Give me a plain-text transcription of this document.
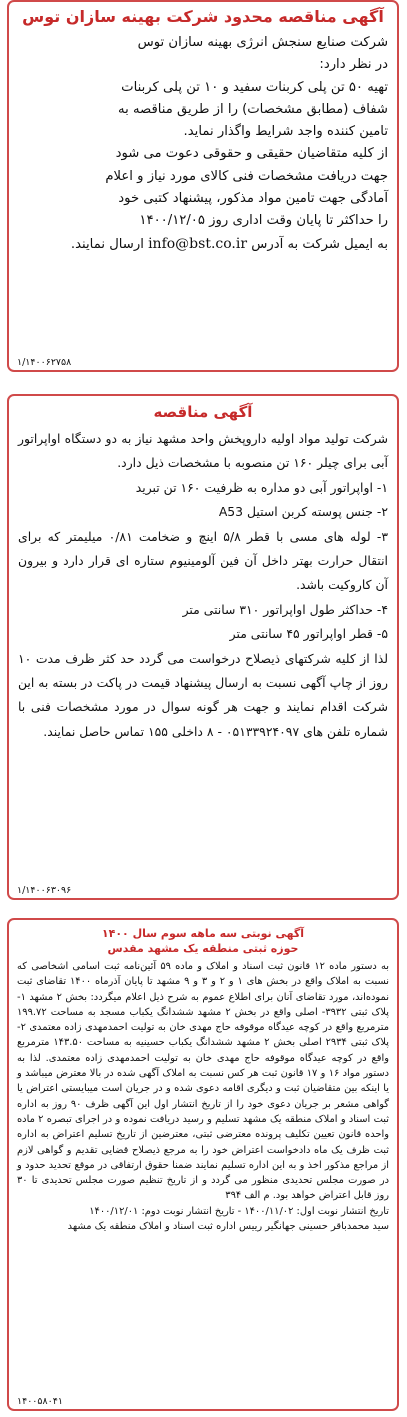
آگهی مناقصه محدود شرکت بهینه سازان توس

شرکت صنایع سنجش انرژی بهینه سازان توس

در نظر دارد:

تهیه ۵۰ تن پلی کربنات سفید و ۱۰ تن پلی کربنات

شفاف (مطابق مشخصات) را از طریق مناقصه به

تامین کننده واجد شرایط واگذار نماید.

از کلیه متقاضیان حقیقی و حقوقی دعوت می شود

جهت دریافت مشخصات فنی کالای مورد نیاز و اعلام

آمادگی جهت تامین مواد مذکور، پیشنهاد کتبی خود

را حداکثر تا پایان وقت اداری روز ۱۴۰۰/۱۲/۰۵

به ایمیل شرکت به آدرس info@bst.co.ir ارسال نمایند.

۱/۱۴۰۰۶۲۷۵۸
آگهی مناقصه

شرکت تولید مواد اولیه داروپخش واحد مشهد نیاز به دو دستگاه اواپراتور آبی برای چیلر ۱۶۰ تن منصوبه با مشخصات ذیل دارد.

۱- اواپراتور آبی دو مداره به ظرفیت ۱۶۰ تن تبرید

۲- جنس پوسته کربن استیل A53

۳- لوله های مسی با قطر ۵/۸ اینچ و ضخامت ۰/۸۱ میلیمتر که برای انتقال حرارت بهتر داخل آن فین آلومینیوم ستاره ای قرار دارد و بیرون آن کاروکیت باشد.

۴- حداکثر طول اواپراتور ۳۱۰ سانتی متر

۵- قطر اواپراتور ۴۵ سانتی متر

لذا از کلیه شرکتهای ذیصلاح درخواست می گردد حد کثر ظرف مدت ۱۰ روز از چاپ آگهی نسبت به ارسال پیشنهاد قیمت در پاکت در بسته به این شرکت اقدام نمایند و جهت هر گونه سوال در مورد مشخصات فنی با شماره تلفن های ۰۵۱۳۳۹۲۴۰۹۷ - ۸ داخلی ۱۵۵ تماس حاصل نمایند.

۱/۱۴۰۰۶۳۰۹۶
آگهی نوبتی سه ماهه سوم سال ۱۴۰۰
حوزه ثبتی منطقه یک مشهد مقدس

به دستور ماده ۱۲ قانون ثبت اسناد و املاک و ماده ۵۹ آئین‌نامه ثبت اسامی اشخاصی که نسبت به املاک واقع در بخش های ۱ و ۲ و ۳ و ۹ مشهد تا پایان آذرماه ۱۴۰۰ تقاضای ثبت نموده‌اند، مورد تقاضای آنان برای اطلاع عموم به شرح ذیل اعلام میگردد: بخش ۲ مشهد ۱- پلاک ثبتی ۳۹۳۲- اصلی واقع در بخش ۲ مشهد ششدانگ یکباب مسجد به مساحت ۱۹۹.۷۲ مترمربع واقع در کوچه عیدگاه موقوفه حاج مهدی خان به تولیت احمدمهدی زاده معتمدی ۲- پلاک ثبتی ۲۹۳۴ اصلی بخش ۲ مشهد ششدانگ یکباب حسینیه به مساحت ۱۴۳.۵۰ مترمربع واقع در کوچه عیدگاه موقوفه حاج مهدی خان به تولیت احمدمهدی زاده معتمدی. لذا به دستور مواد ۱۶ و ۱۷ قانون ثبت هر کس نسبت به املاک آگهی شده در بالا معترض میباشد و یا اینکه بین متقاضیان ثبت و دیگری اقامه دعوی شده و در جریان است میبایستی اعتراض یا گواهی مشعر بر جریان دعوی خود را از تاریخ انتشار اول این آگهی ظرف ۹۰ روز به اداره ثبت اسناد و املاک منطقه یک مشهد تسلیم و رسید دریافت نموده و در اجرای تبصره ۲ ماده واحده قانون تعیین تکلیف پرونده معترضی ثبتی، معترضین از تاریخ تسلیم اعتراض به اداره ثبت ظرف یک ماه دادخواست اعتراض خود را به مرجع ذیصلاح قضایی تقدیم و گواهی لازم از مراجع مذکور اخذ و به این اداره تسلیم نمایند ضمنا حقوق ارتفاقی در موقع تحدید حدود و در صورت مجلس تحدیدی منظور می گردد و از تاریخ تنظیم صورت مجلس تحدیدی تا ۳۰ روز قابل اعتراض خواهد بود. م الف ۳۹۴

تاریخ انتشار نوبت اول: ۱۴۰۰/۱۱/۰۲ - تاریخ انتشار نوبت دوم: ۱۴۰۰/۱۲/۰۱

سید محمدباقر حسینی جهانگیر رییس اداره ثبت اسناد و املاک منطقه یک مشهد

۱۴۰۰۵۸۰۴۱
